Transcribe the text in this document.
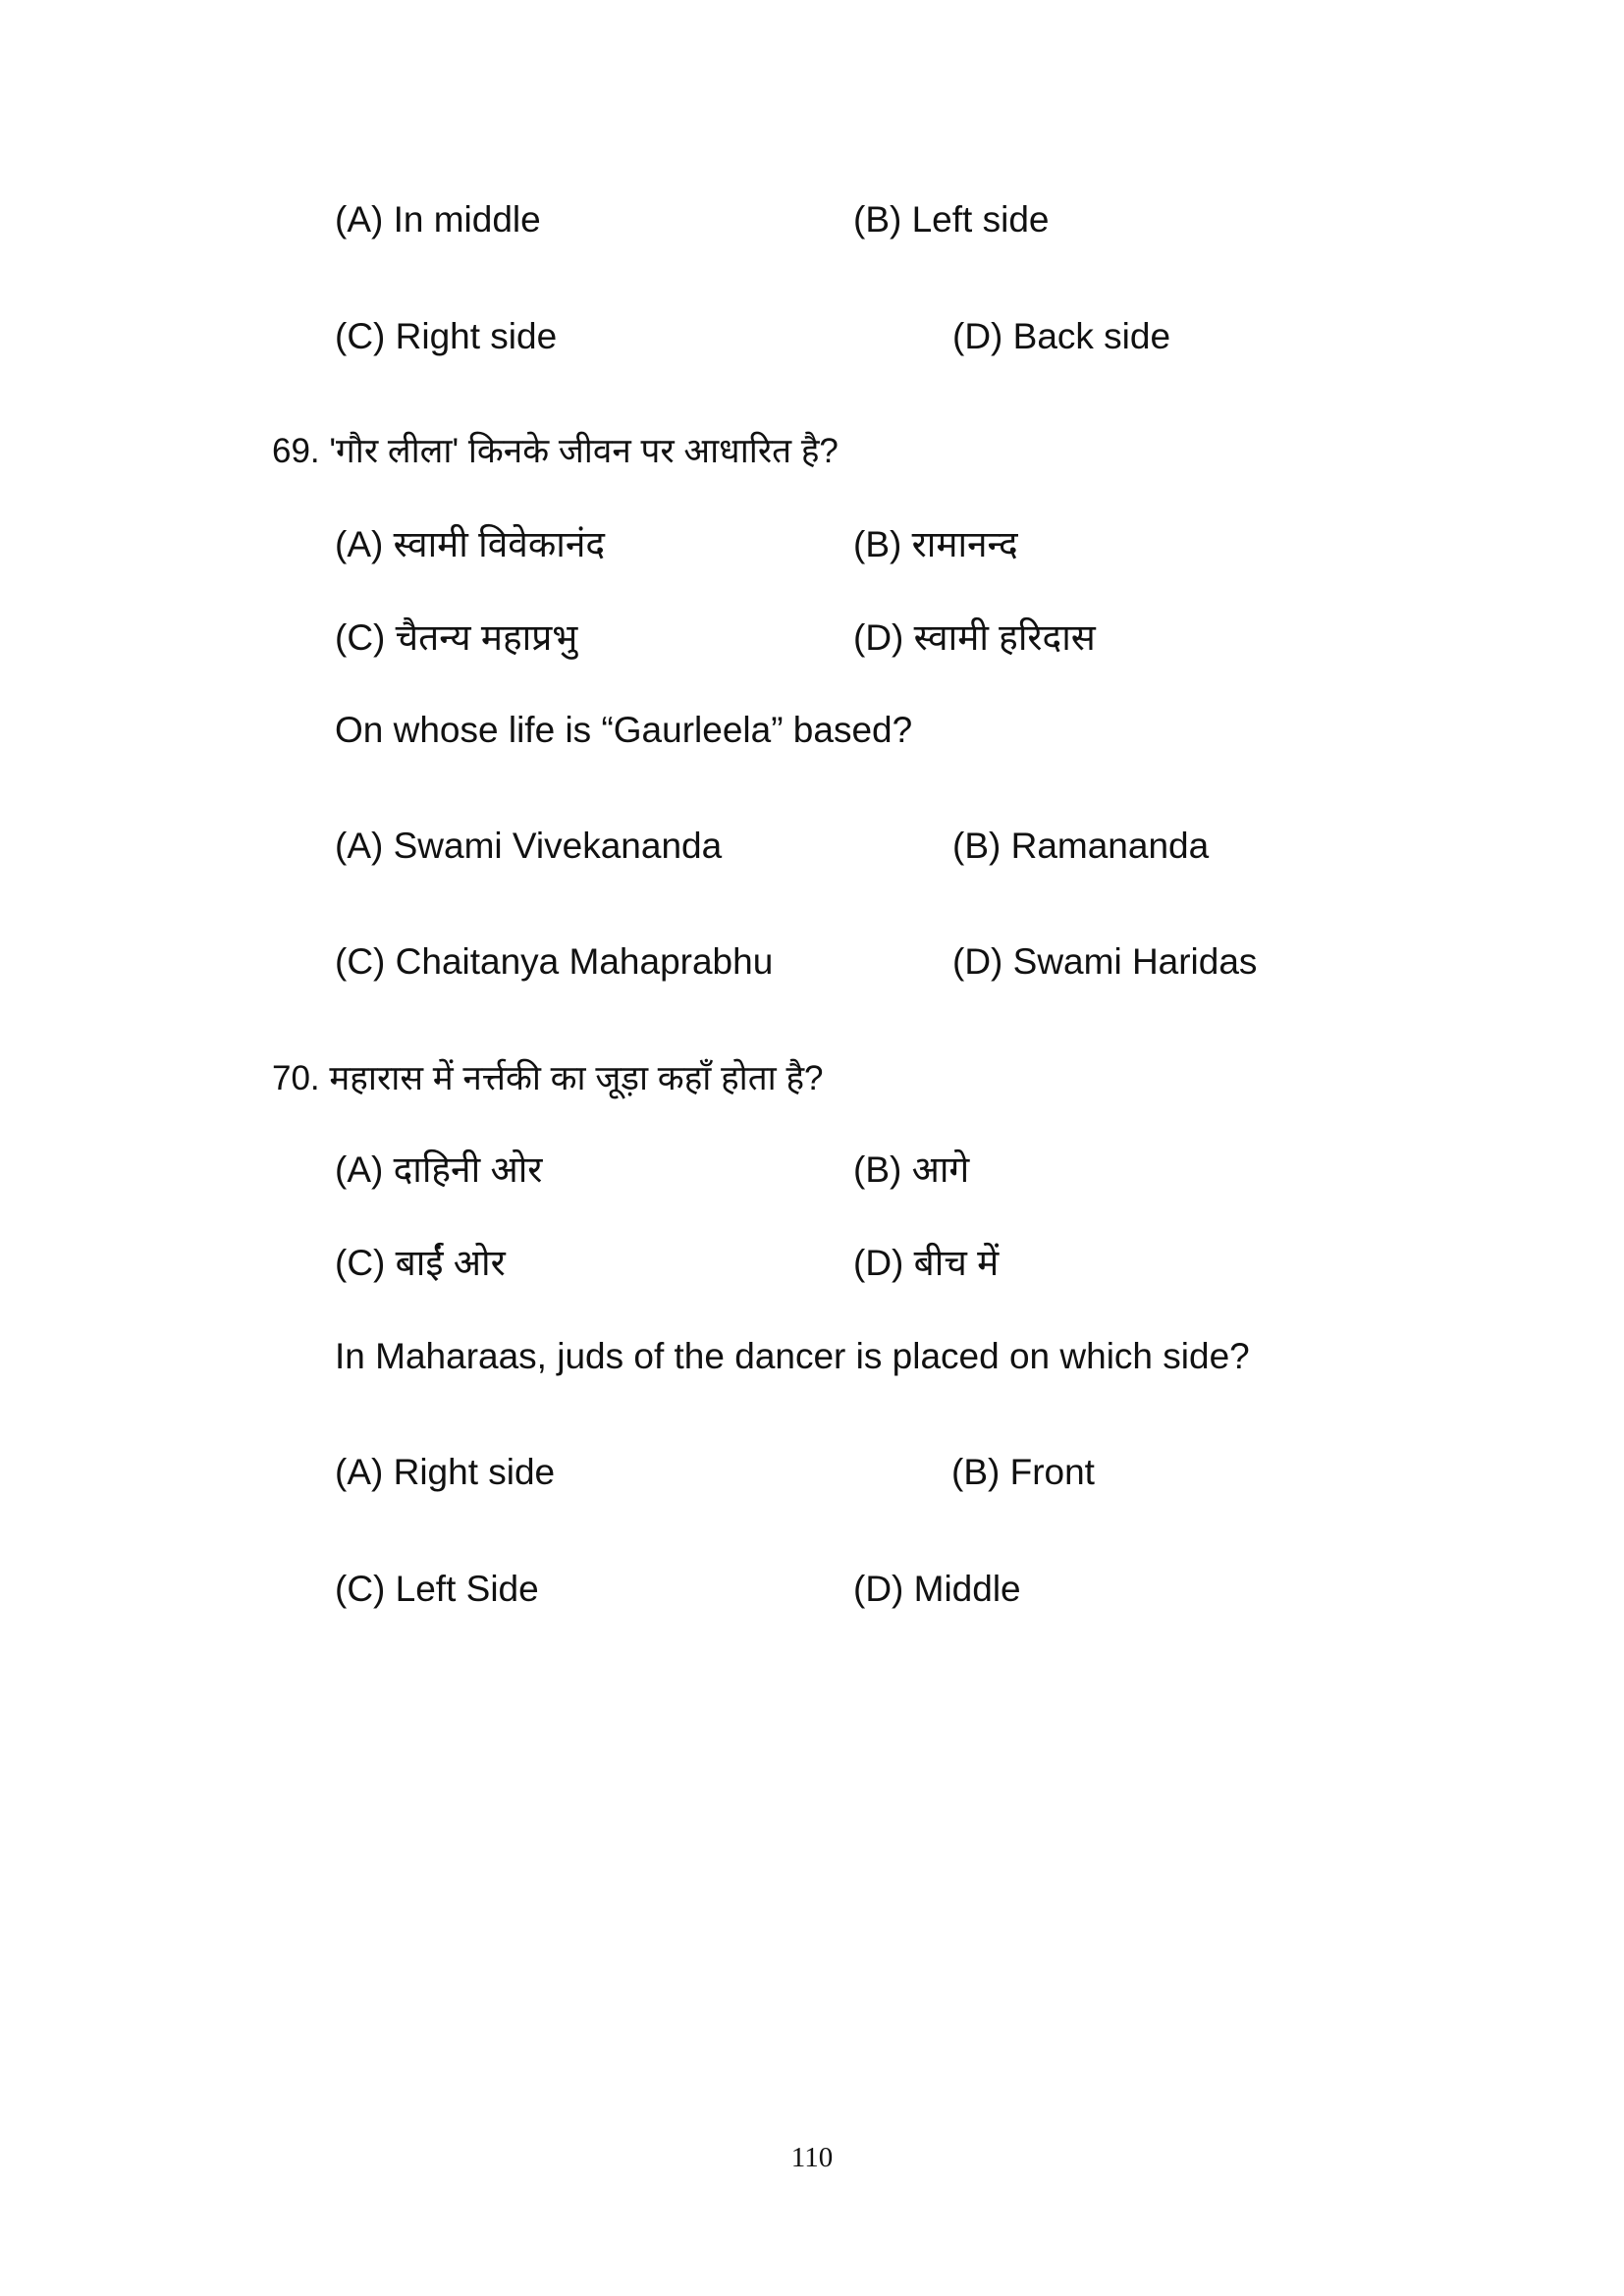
(A) In middle	(B) Left side
(C) Right side	(D) Back side
69. 'गौर लीला' किनके जीवन पर आधारित है?
(A) स्वामी विवेकानंद	(B) रामानन्द
(C) चैतन्य महाप्रभु	(D) स्वामी हरिदास
On whose life is “Gaurleela” based?
(A) Swami Vivekananda	(B) Ramananda
(C) Chaitanya Mahaprabhu	(D) Swami Haridas
70. महारास में नर्त्तकी का जूड़ा कहाँ होता है?
(A) दाहिनी ओर	(B) आगे
(C) बाईं ओर	(D) बीच में
In Maharaas, juds of the dancer is placed on which side?
(A) Right side	(B) Front
(C) Left Side	(D) Middle
110
